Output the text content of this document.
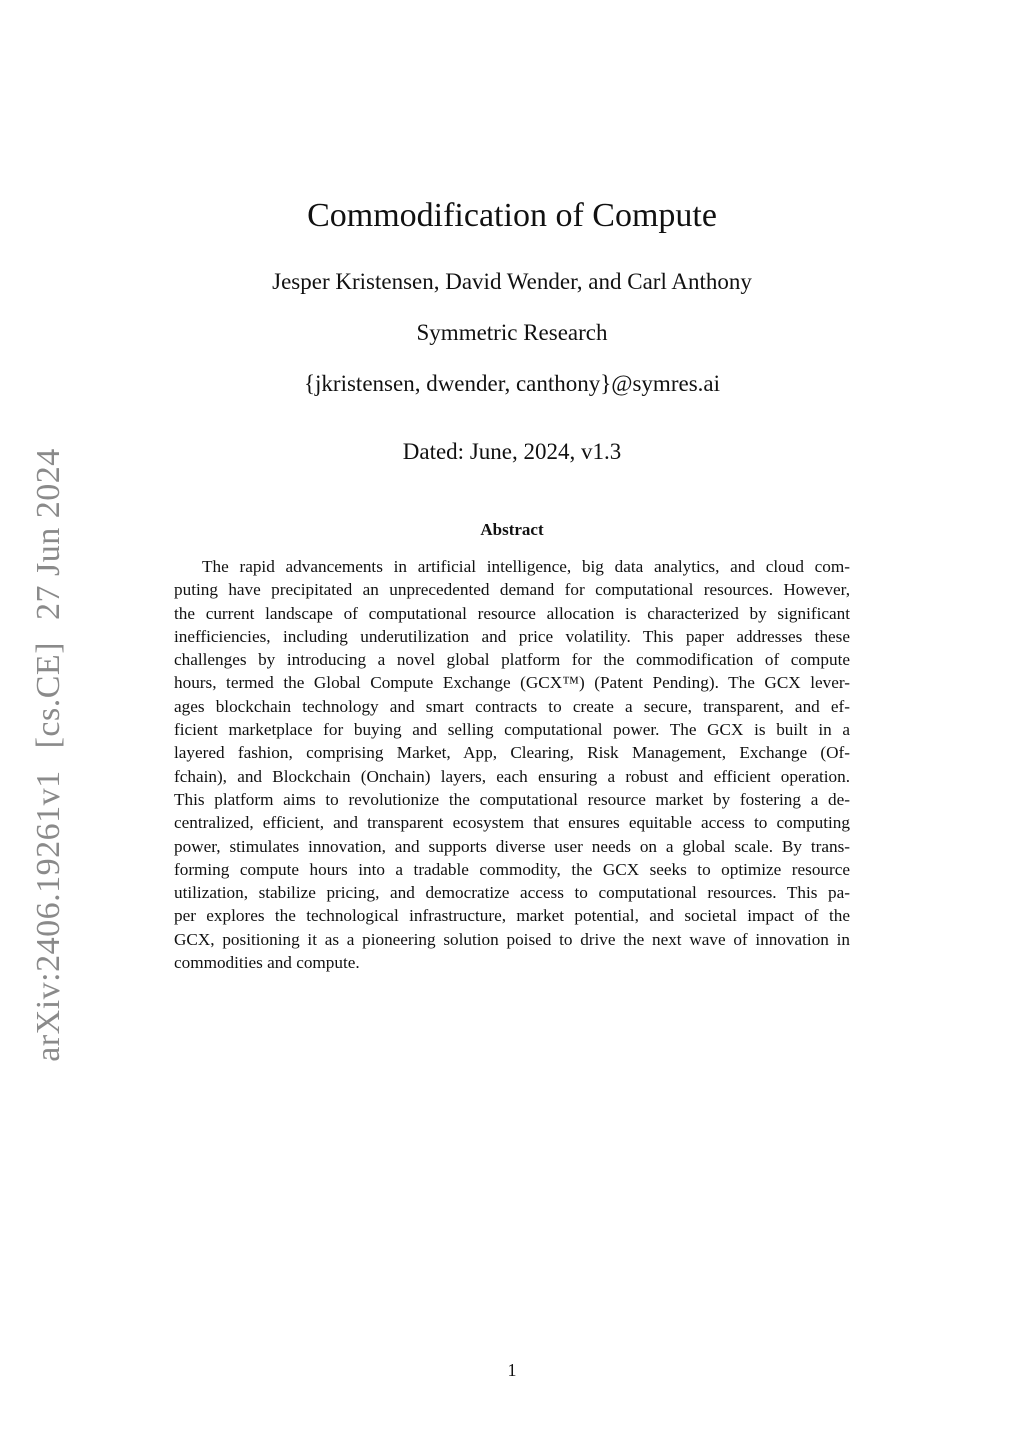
arXiv:2406.19261v1[cs.CE]27 Jun 2024
Commodification of Compute
Jesper Kristensen, David Wender, and Carl Anthony
Symmetric Research
{jkristensen, dwender, canthony}@symres.ai
Dated: June, 2024, v1.3
Abstract
The rapid advancements in artificial intelligence, big data analytics, and cloud com-
puting have precipitated an unprecedented demand for computational resources. However,
the current landscape of computational resource allocation is characterized by significant
inefficiencies, including underutilization and price volatility. This paper addresses these
challenges by introducing a novel global platform for the commodification of compute
hours, termed the Global Compute Exchange (GCX™) (Patent Pending). The GCX lever-
ages blockchain technology and smart contracts to create a secure, transparent, and ef-
ficient marketplace for buying and selling computational power. The GCX is built in a
layered fashion, comprising Market, App, Clearing, Risk Management, Exchange (Of-
fchain), and Blockchain (Onchain) layers, each ensuring a robust and efficient operation.
This platform aims to revolutionize the computational resource market by fostering a de-
centralized, efficient, and transparent ecosystem that ensures equitable access to computing
power, stimulates innovation, and supports diverse user needs on a global scale. By trans-
forming compute hours into a tradable commodity, the GCX seeks to optimize resource
utilization, stabilize pricing, and democratize access to computational resources. This pa-
per explores the technological infrastructure, market potential, and societal impact of the
GCX, positioning it as a pioneering solution poised to drive the next wave of innovation in
commodities and compute.
1
